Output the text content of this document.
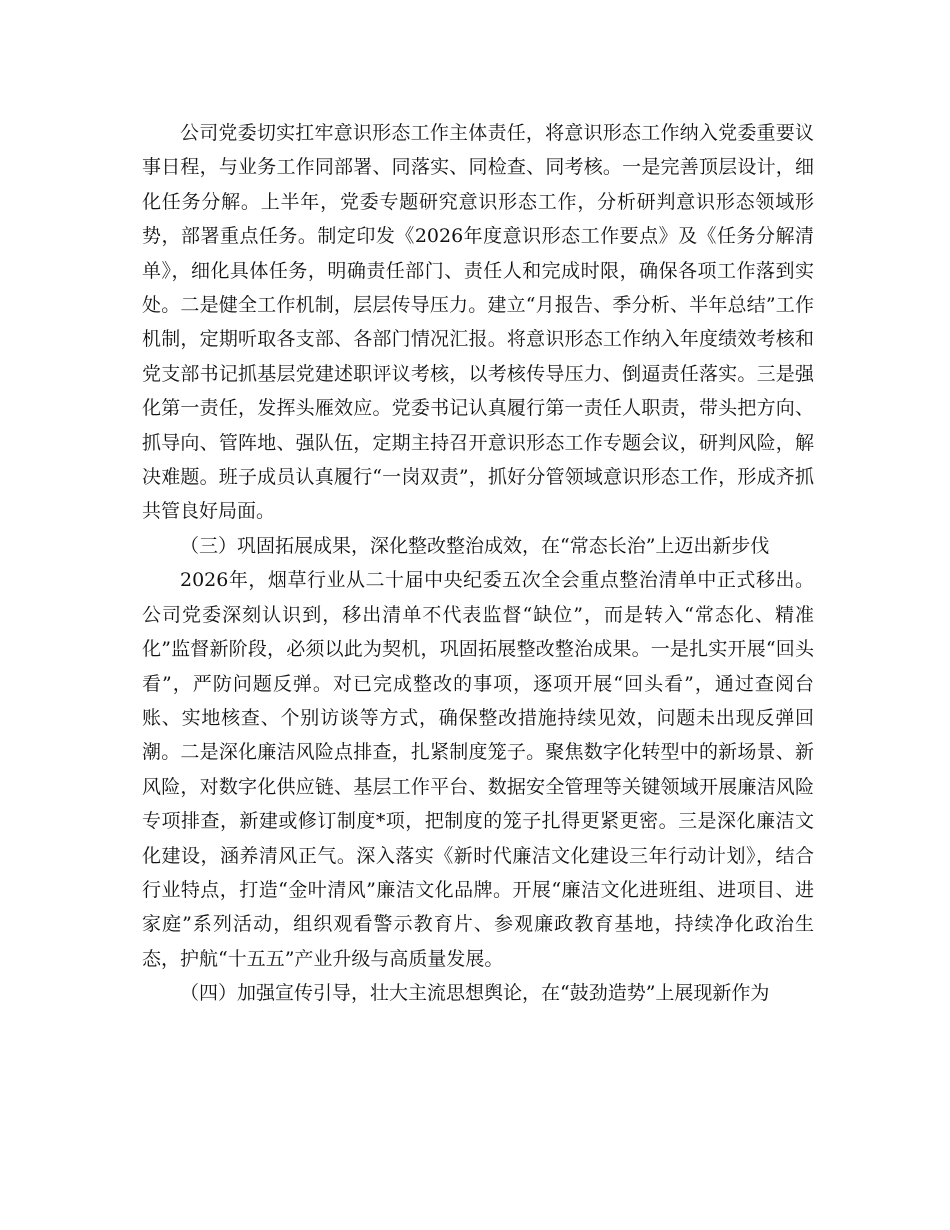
公司党委切实扛牢意识形态工作主体责任，将意识形态工作纳入党委重要议事日程，与业务工作同部署、同落实、同检查、同考核。一是完善顶层设计，细化任务分解。上半年，党委专题研究意识形态工作，分析研判意识形态领域形势，部署重点任务。制定印发《2026年度意识形态工作要点》及《任务分解清单》，细化具体任务，明确责任部门、责任人和完成时限，确保各项工作落到实处。二是健全工作机制，层层传导压力。建立“月报告、季分析、半年总结”工作机制，定期听取各支部、各部门情况汇报。将意识形态工作纳入年度绩效考核和党支部书记抓基层党建述职评议考核，以考核传导压力、倒逼责任落实。三是强化第一责任，发挥头雁效应。党委书记认真履行第一责任人职责，带头把方向、抓导向、管阵地、强队伍，定期主持召开意识形态工作专题会议，研判风险，解决难题。班子成员认真履行“一岗双责”，抓好分管领域意识形态工作，形成齐抓共管良好局面。

（三）巩固拓展成果，深化整改整治成效，在“常态长治”上迈出新步伐

2026年，烟草行业从二十届中央纪委五次全会重点整治清单中正式移出。公司党委深刻认识到，移出清单不代表监督“缺位”，而是转入“常态化、精准化”监督新阶段，必须以此为契机，巩固拓展整改整治成果。一是扎实开展“回头看”，严防问题反弹。对已完成整改的事项，逐项开展“回头看”，通过查阅台账、实地核查、个别访谈等方式，确保整改措施持续见效，问题未出现反弹回潮。二是深化廉洁风险点排查，扎紧制度笼子。聚焦数字化转型中的新场景、新风险，对数字化供应链、基层工作平台、数据安全管理等关键领域开展廉洁风险专项排查，新建或修订制度*项，把制度的笼子扎得更紧更密。三是深化廉洁文化建设，涵养清风正气。深入落实《新时代廉洁文化建设三年行动计划》，结合行业特点，打造“金叶清风”廉洁文化品牌。开展“廉洁文化进班组、进项目、进家庭”系列活动，组织观看警示教育片、参观廉政教育基地，持续净化政治生态，护航“十五五”产业升级与高质量发展。

（四）加强宣传引导，壮大主流思想舆论，在“鼓劲造势”上展现新作为
